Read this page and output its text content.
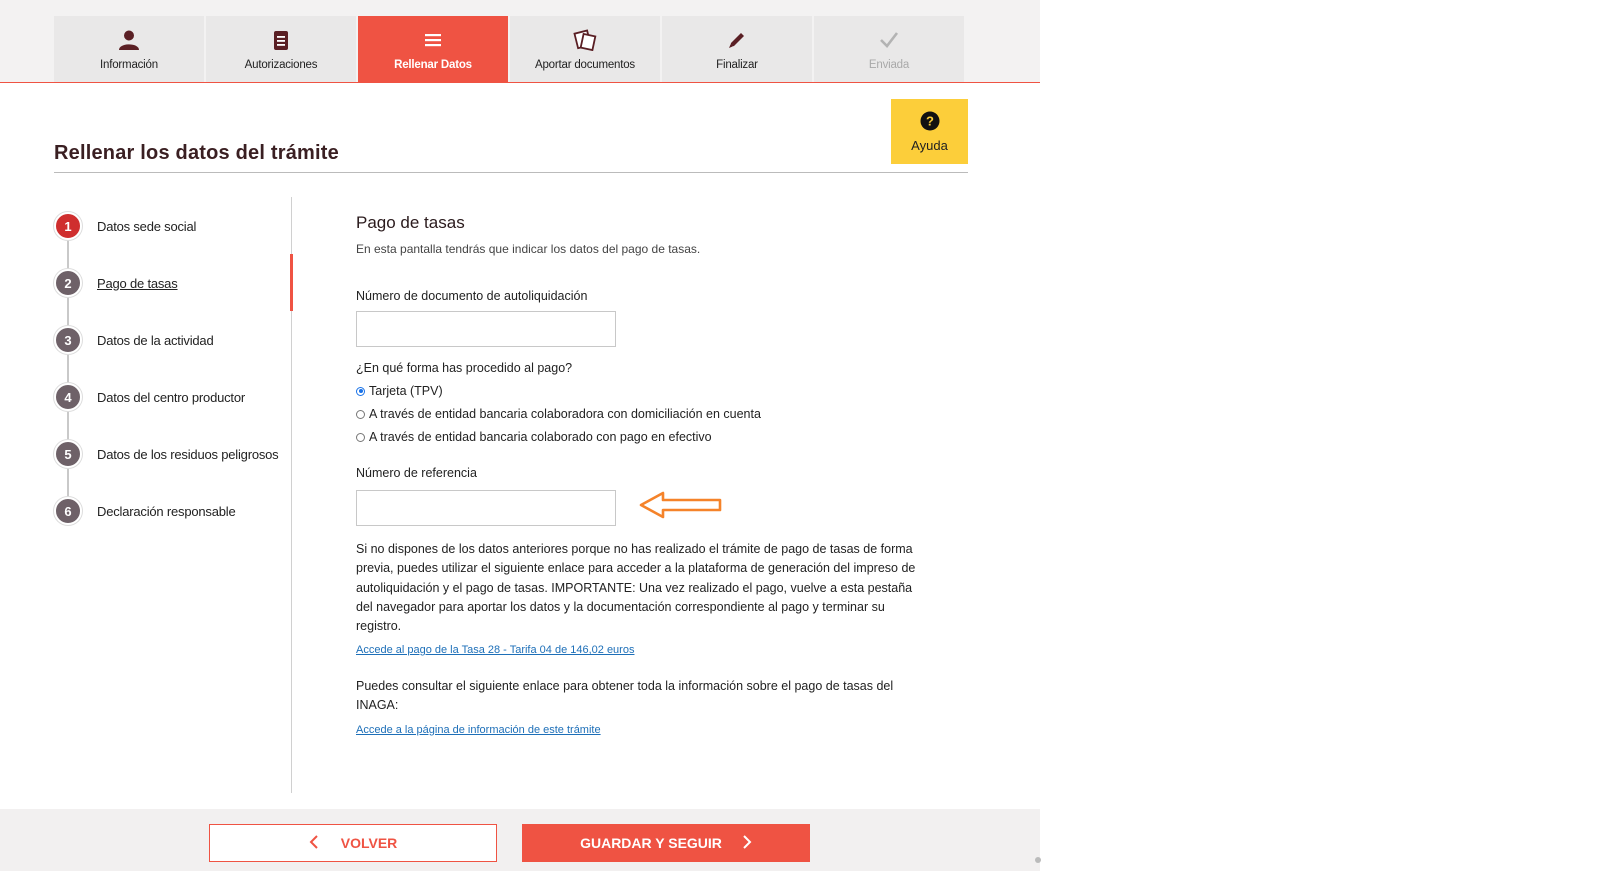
Información	Autorizaciones	Rellenar Datos	Aportar documentos	Finalizar	Enviada
?
Ayuda
Rellenar los datos del trámite
1	Datos sede social
2	Pago de tasas
3	Datos de la actividad
4	Datos del centro productor
5	Datos de los residuos peligrosos
6	Declaración responsable
Pago de tasas
En esta pantalla tendrás que indicar los datos del pago de tasas.
Número de documento de autoliquidación
¿En qué forma has procedido al pago?
Tarjeta (TPV)
A través de entidad bancaria colaboradora con domiciliación en cuenta
A través de entidad bancaria colaborado con pago en efectivo
Número de referencia

Si no dispones de los datos anteriores porque no has realizado el trámite de pago de tasas de forma previa, puedes utilizar el siguiente enlace para acceder a la plataforma de generación del impreso de autoliquidación y el pago de tasas. IMPORTANTE: Una vez realizado el pago, vuelve a esta pestaña del navegador para aportar los datos y la documentación correspondiente al pago y terminar su registro.

Accede al pago de la Tasa 28 - Tarifa 04 de 146,02 euros

Puedes consultar el siguiente enlace para obtener toda la información sobre el pago de tasas del INAGA:

Accede a la página de información de este trámite
VOLVER	GUARDAR Y SEGUIR
